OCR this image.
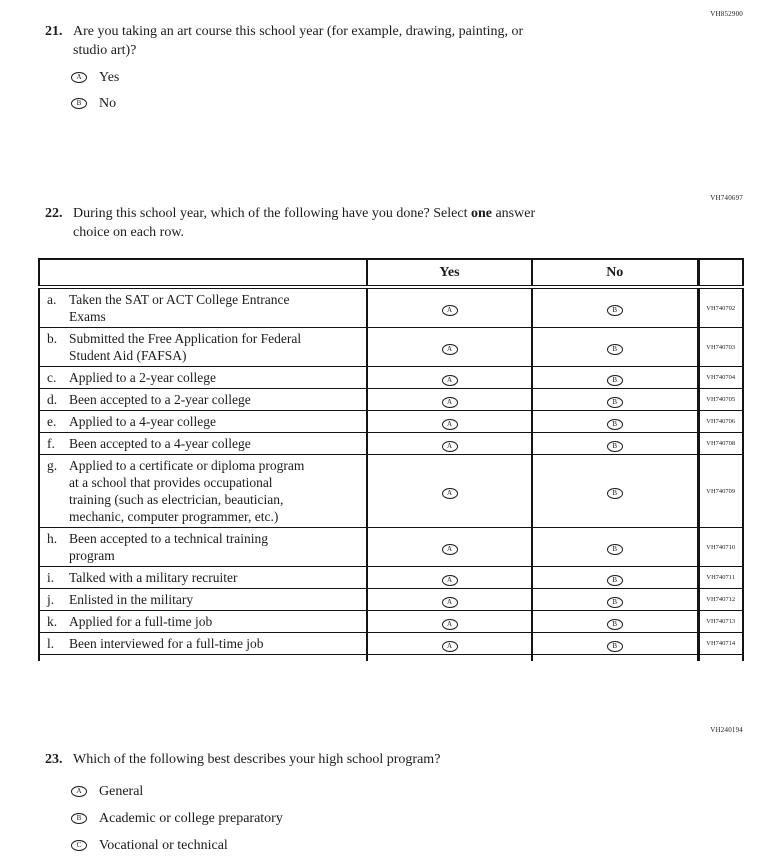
VH852900
21. Are you taking an art course this school year (for example, drawing, painting, or
studio art)?
A	Yes
B	No
VH740697
22. During this school year, which of the following have you done? Select one answer
choice on each row.
	Yes	No	

a. Taken the SAT or ACT College Entrance Exams	A	B	VH740702

b. Submitted the Free Application for Federal Student Aid (FAFSA)	A	B	VH740703

c. Applied to a 2-year college	A	B	VH740704

d. Been accepted to a 2-year college	A	B	VH740705

e. Applied to a 4-year college	A	B	VH740706

f. Been accepted to a 4-year college	A	B	VH740708

g. Applied to a certificate or diploma program at a school that provides occupational training (such as electrician, beautician, mechanic, computer programmer, etc.)	A	B	VH740709

h. Been accepted to a technical training program	A	B	VH740710

i. Talked with a military recruiter	A	B	VH740711

j. Enlisted in the military	A	B	VH740712

k. Applied for a full-time job	A	B	VH740713

l. Been interviewed for a full-time job	A	B	VH740714

VH240194
23. Which of the following best describes your high school program?
A	General
B	Academic or college preparatory
C	Vocational or technical
